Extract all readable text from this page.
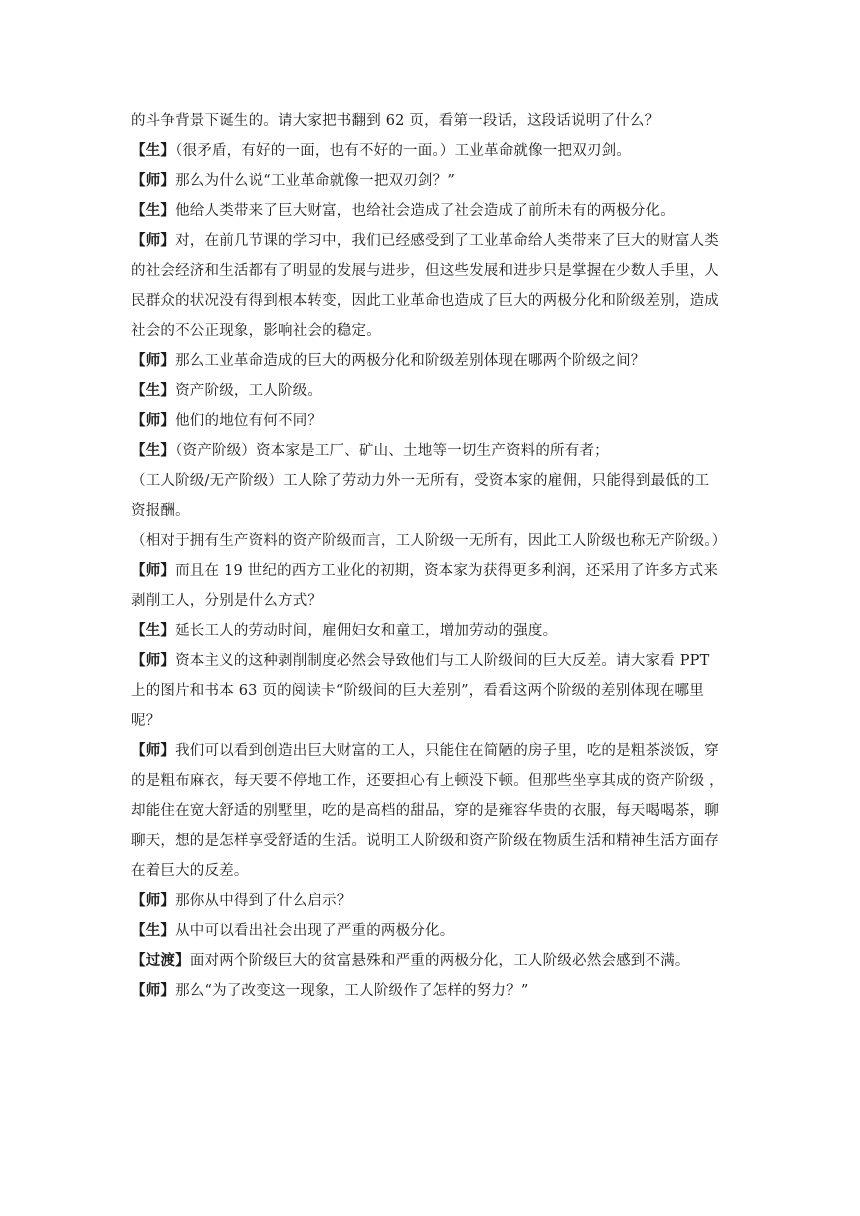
的斗争背景下诞生的。请大家把书翻到 62 页，看第一段话，这段话说明了什么？
【生】（很矛盾，有好的一面，也有不好的一面。）工业革命就像一把双刃剑。
【师】那么为什么说“工业革命就像一把双刃剑？”
【生】他给人类带来了巨大财富，也给社会造成了社会造成了前所未有的两极分化。
【师】对，在前几节课的学习中，我们已经感受到了工业革命给人类带来了巨大的财富人类
的社会经济和生活都有了明显的发展与进步，但这些发展和进步只是掌握在少数人手里，人
民群众的状况没有得到根本转变，因此工业革命也造成了巨大的两极分化和阶级差别，造成
社会的不公正现象，影响社会的稳定。
【师】那么工业革命造成的巨大的两极分化和阶级差别体现在哪两个阶级之间？
【生】资产阶级，工人阶级。
【师】他们的地位有何不同？
【生】（资产阶级）资本家是工厂、矿山、土地等一切生产资料的所有者；
（工人阶级/无产阶级）工人除了劳动力外一无所有，受资本家的雇佣，只能得到最低的工
资报酬。
（相对于拥有生产资料的资产阶级而言，工人阶级一无所有，因此工人阶级也称无产阶级。）
【师】而且在 19 世纪的西方工业化的初期，资本家为获得更多利润，还采用了许多方式来
剥削工人，分别是什么方式？
【生】延长工人的劳动时间，雇佣妇女和童工，增加劳动的强度。
【师】资本主义的这种剥削制度必然会导致他们与工人阶级间的巨大反差。请大家看 PPT
上的图片和书本 63 页的阅读卡“阶级间的巨大差别”，看看这两个阶级的差别体现在哪里
呢？
【师】我们可以看到创造出巨大财富的工人，只能住在简陋的房子里，吃的是粗茶淡饭，穿
的是粗布麻衣，每天要不停地工作，还要担心有上顿没下顿。但那些坐享其成的资产阶级 ，
却能住在宽大舒适的别墅里，吃的是高档的甜品，穿的是雍容华贵的衣服，每天喝喝茶，聊
聊天，想的是怎样享受舒适的生活。说明工人阶级和资产阶级在物质生活和精神生活方面存
在着巨大的反差。
【师】那你从中得到了什么启示？
【生】从中可以看出社会出现了严重的两极分化。
【过渡】面对两个阶级巨大的贫富悬殊和严重的两极分化，工人阶级必然会感到不满。
【师】那么“为了改变这一现象，工人阶级作了怎样的努力？”
